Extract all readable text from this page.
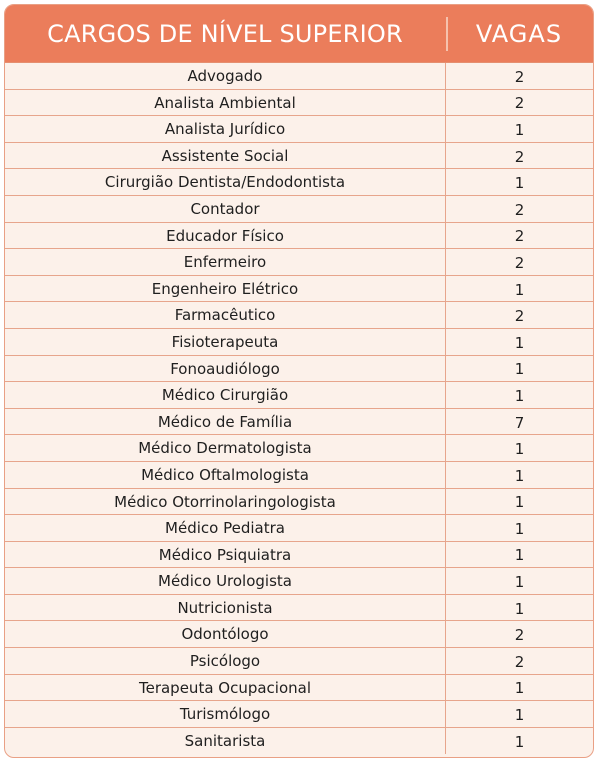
CARGOS DE NÍVEL SUPERIOR	VAGAS
Advogado	2
Analista Ambiental	2
Analista Jurídico	1
Assistente Social	2
Cirurgião Dentista/Endodontista	1
Contador	2
Educador Físico	2
Enfermeiro	2
Engenheiro Elétrico	1
Farmacêutico	2
Fisioterapeuta	1
Fonoaudiólogo	1
Médico Cirurgião	1
Médico de Família	7
Médico Dermatologista	1
Médico Oftalmologista	1
Médico Otorrinolaringologista	1
Médico Pediatra	1
Médico Psiquiatra	1
Médico Urologista	1
Nutricionista	1
Odontólogo	2
Psicólogo	2
Terapeuta Ocupacional	1
Turismólogo	1
Sanitarista	1
